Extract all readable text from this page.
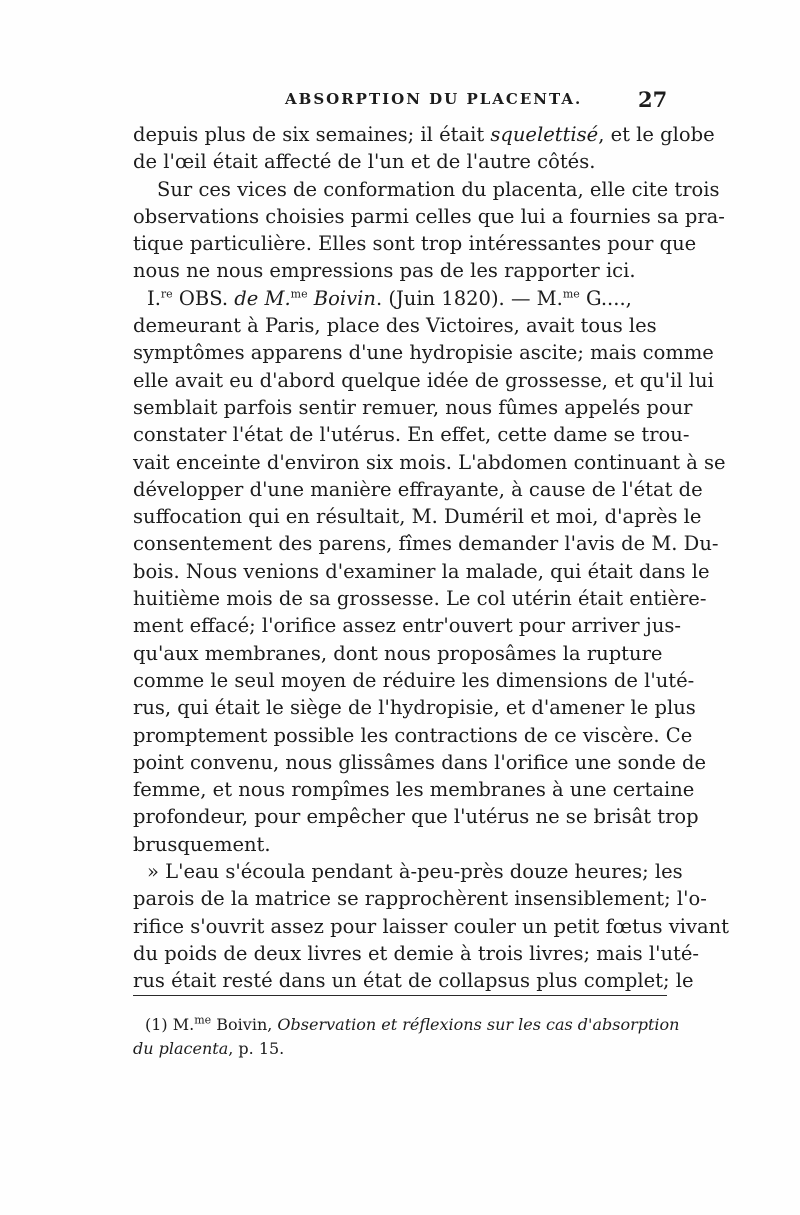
ABSORPTION DU PLACENTA.	27
depuis plus de six semaines; il était squelettisé, et le globe
de l'œil était affecté de l'un et de l'autre côtés.
Sur ces vices de conformation du placenta, elle cite trois
observations choisies parmi celles que lui a fournies sa pra-
tique particulière. Elles sont trop intéressantes pour que
nous ne nous empressions pas de les rapporter ici.
I.$^{re}$ OBS. de M.$^{me}$ Boivin. (Juin 1820). — M.$^{me}$ G....,
demeurant à Paris, place des Victoires, avait tous les
symptômes apparens d'une hydropisie ascite; mais comme
elle avait eu d'abord quelque idée de grossesse, et qu'il lui
semblait parfois sentir remuer, nous fûmes appelés pour
constater l'état de l'utérus. En effet, cette dame se trou-
vait enceinte d'environ six mois. L'abdomen continuant à se
développer d'une manière effrayante, à cause de l'état de
suffocation qui en résultait, M. Duméril et moi, d'après le
consentement des parens, fîmes demander l'avis de M. Du-
bois. Nous venions d'examiner la malade, qui était dans le
huitième mois de sa grossesse. Le col utérin était entière-
ment effacé; l'orifice assez entr'ouvert pour arriver jus-
qu'aux membranes, dont nous proposâmes la rupture
comme le seul moyen de réduire les dimensions de l'uté-
rus, qui était le siège de l'hydropisie, et d'amener le plus
promptement possible les contractions de ce viscère. Ce
point convenu, nous glissâmes dans l'orifice une sonde de
femme, et nous rompîmes les membranes à une certaine
profondeur, pour empêcher que l'utérus ne se brisât trop
brusquement.
» L'eau s'écoula pendant à-peu-près douze heures; les
parois de la matrice se rapprochèrent insensiblement; l'o-
rifice s'ouvrit assez pour laisser couler un petit fœtus vivant
du poids de deux livres et demie à trois livres; mais l'uté-
rus était resté dans un état de collapsus plus complet; le
(1) M.$^{me}$ Boivin, Observation et réflexions sur les cas d'absorption
du placenta, p. 15.
